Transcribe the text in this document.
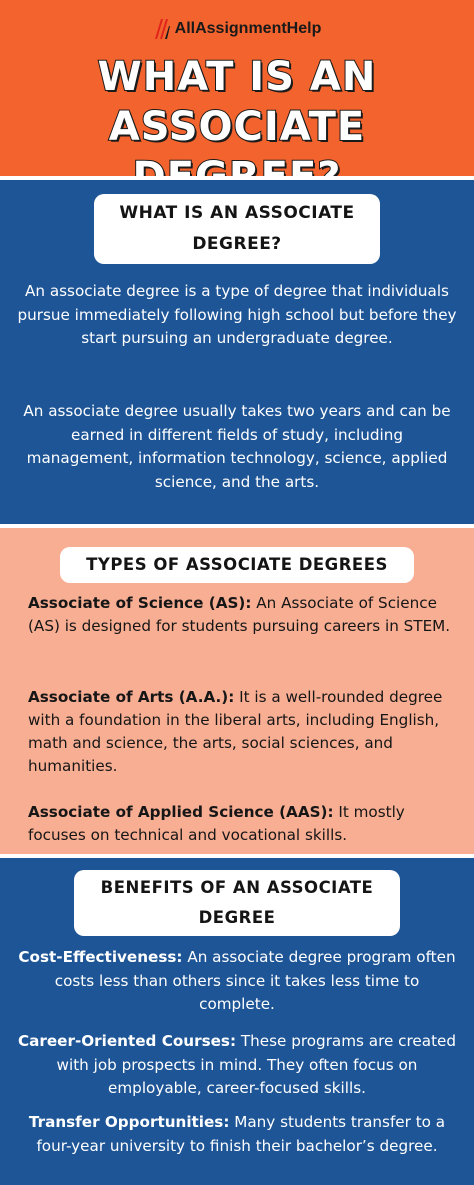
AllAssignmentHelp
WHAT IS AN
ASSOCIATE
WHAT IS AN ASSOCIATE
DEGREE?
An associate degree is a type of degree that individuals pursue immediately following high school but before they start pursuing an undergraduate degree.
An associate degree usually takes two years and can be earned in different fields of study, including management, information technology, science, applied science, and the arts.
TYPES OF ASSOCIATE DEGREES
Associate of Science (AS): An Associate of Science (AS) is designed for students pursuing careers in STEM.
Associate of Arts (A.A.): It is a well-rounded degree with a foundation in the liberal arts, including English, math and science, the arts, social sciences, and humanities.
Associate of Applied Science (AAS): It mostly focuses on technical and vocational skills.
BENEFITS OF AN ASSOCIATE
DEGREE
Cost-Effectiveness: An associate degree program often costs less than others since it takes less time to complete.
Career-Oriented Courses: These programs are created with job prospects in mind. They often focus on employable, career-focused skills.
Transfer Opportunities: Many students transfer to a four-year university to finish their bachelor’s degree.
